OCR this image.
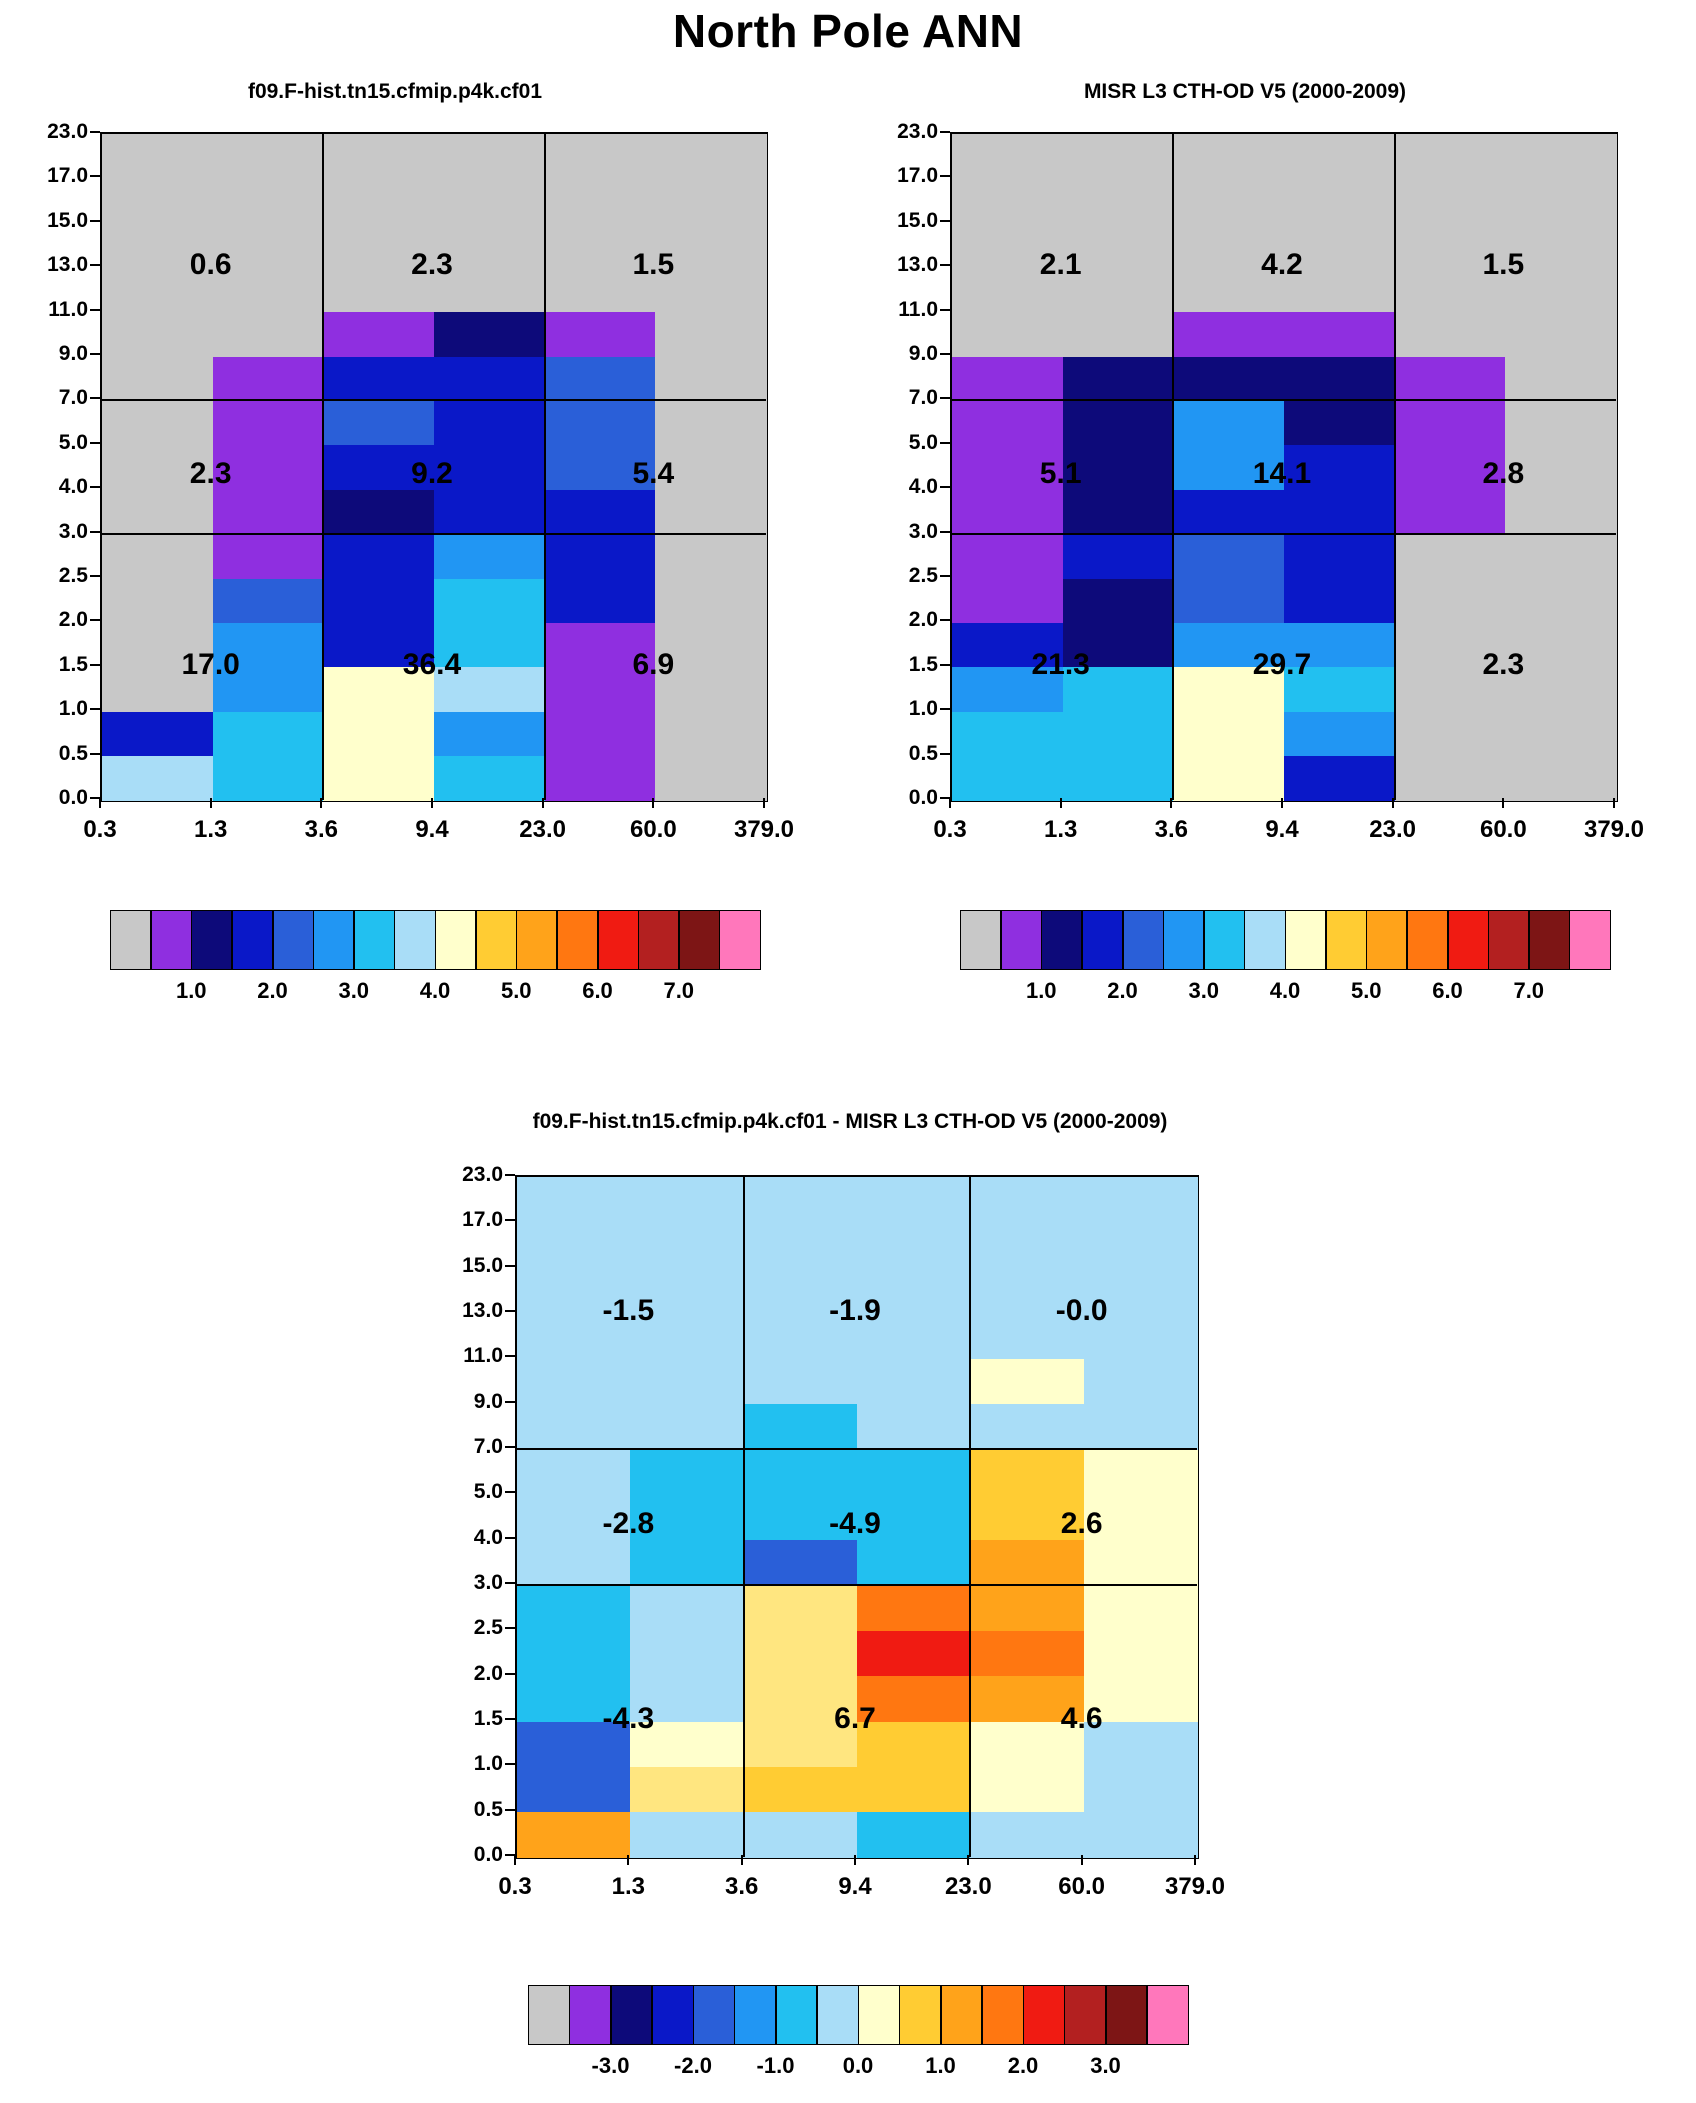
North Pole ANN
f09.F-hist.tn15.cfmip.p4k.cf01	MISR L3 CTH-OD V5 (2000-2009)
f09.F-hist.tn15.cfmip.p4k.cf01 - MISR L3 CTH-OD V5 (2000-2009)
0.0
0.5
1.0
1.5
2.0
2.5
3.0
4.0
5.0
7.0
9.0
11.0
13.0
15.0
17.0
23.0
0.3	1.3	3.6	9.4	23.0	60.0 379.0
0.6	2.3	1.5
2.3	9.2	5.4
17.0	36.4	6.9
1.0 2.0 3.0 4.0 5.0 6.0 7.0
0.0
0.5
1.0
1.5
2.0
2.5
3.0
4.0
5.0
7.0
9.0
11.0
13.0
15.0
17.0
23.0
0.3	1.3	3.6	9.4	23.0	60.0 379.0
2.1	4.2	1.5
5.1	14.1	2.8
21.3	29.7	2.3
1.0 2.0 3.0 4.0 5.0 6.0 7.0
0.0
0.5
1.0
1.5
2.0
2.5
3.0
4.0
5.0
7.0
9.0
11.0
13.0
15.0
17.0
23.0
0.3	1.3	3.6	9.4	23.0	60.0 379.0
-1.5	-1.9	-0.0
-2.8	-4.9	2.6
-4.3	6.7	4.6
-3.0 -2.0 -1.0 0.0 1.0 2.0 3.0
